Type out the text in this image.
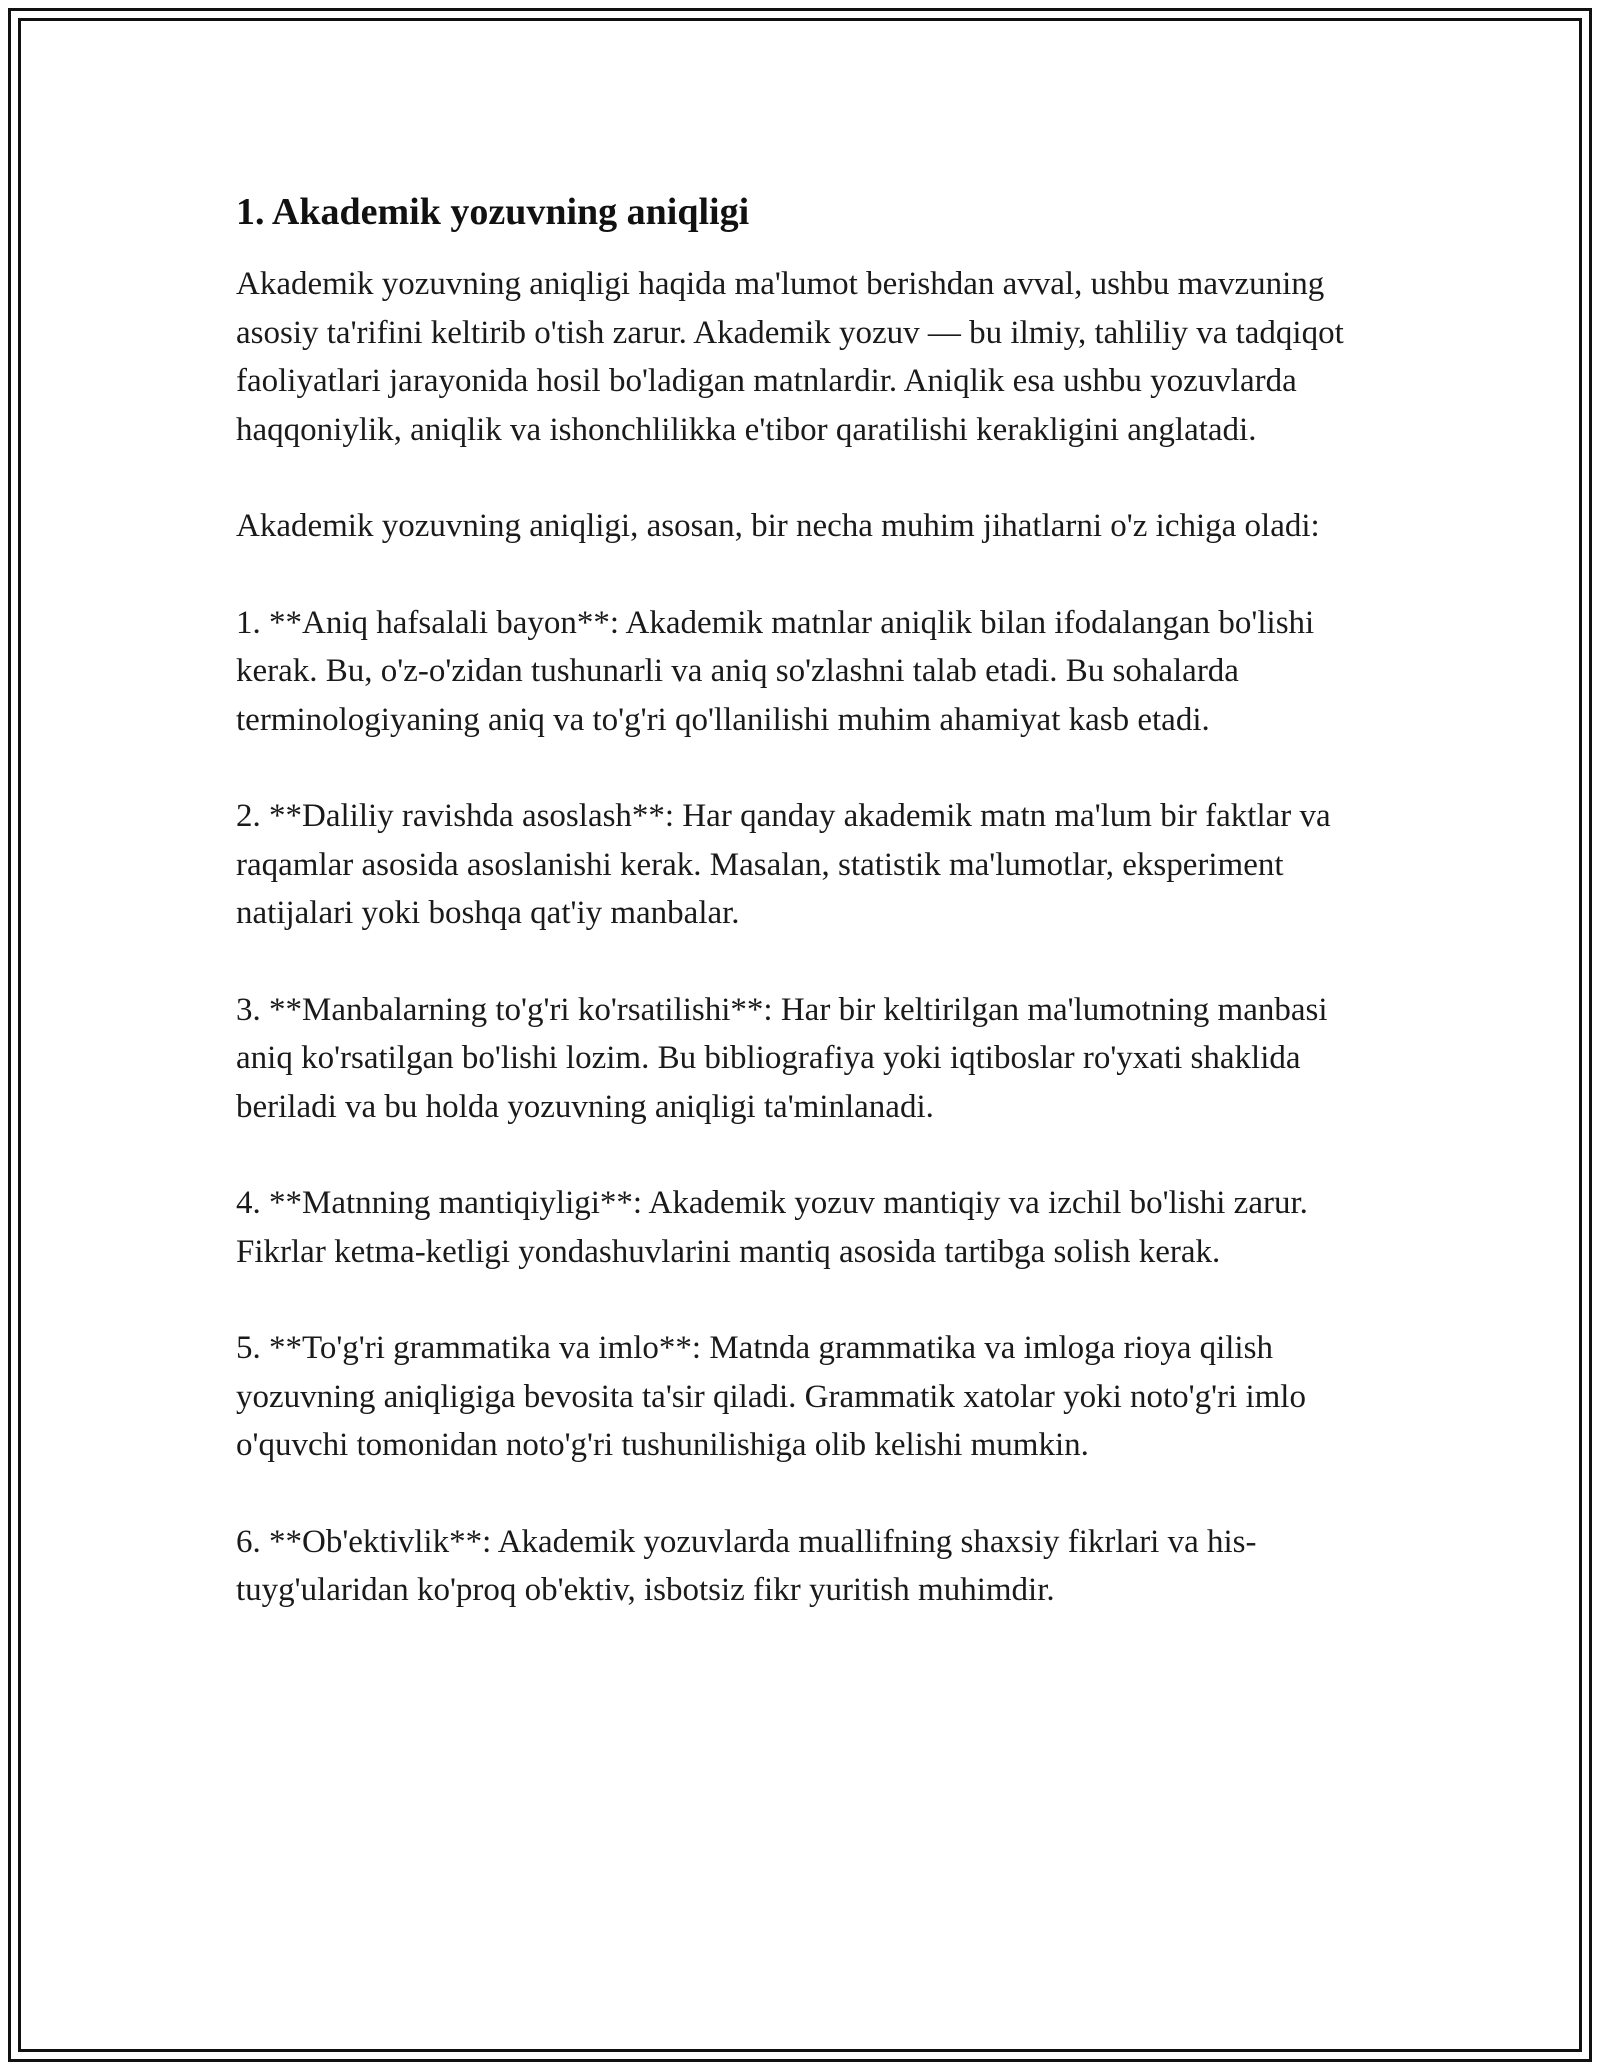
1. Akademik yozuvning aniqligi

Akademik yozuvning aniqligi haqida ma'lumot berishdan avval, ushbu mavzuning asosiy ta'rifini keltirib o'tish zarur. Akademik yozuv — bu ilmiy, tahliliy va tadqiqot faoliyatlari jarayonida hosil bo'ladigan matnlardir. Aniqlik esa ushbu yozuvlarda haqqoniylik, aniqlik va ishonchlilikka e'tibor qaratilishi kerakligini anglatadi.

Akademik yozuvning aniqligi, asosan, bir necha muhim jihatlarni o'z ichiga oladi:

1. **Aniq hafsalali bayon**: Akademik matnlar aniqlik bilan ifodalangan bo'lishi kerak. Bu, o'z-o'zidan tushunarli va aniq so'zlashni talab etadi. Bu sohalarda terminologiyaning aniq va to'g'ri qo'llanilishi muhim ahamiyat kasb etadi.

2. **Daliliy ravishda asoslash**: Har qanday akademik matn ma'lum bir faktlar va raqamlar asosida asoslanishi kerak. Masalan, statistik ma'lumotlar, eksperiment natijalari yoki boshqa qat'iy manbalar.

3. **Manbalarning to'g'ri ko'rsatilishi**: Har bir keltirilgan ma'lumotning manbasi aniq ko'rsatilgan bo'lishi lozim. Bu bibliografiya yoki iqtiboslar ro'yxati shaklida beriladi va bu holda yozuvning aniqligi ta'minlanadi.

4. **Matnning mantiqiyligi**: Akademik yozuv mantiqiy va izchil bo'lishi zarur. Fikrlar ketma-ketligi yondashuvlarini mantiq asosida tartibga solish kerak.

5. **To'g'ri grammatika va imlo**: Matnda grammatika va imloga rioya qilish yozuvning aniqligiga bevosita ta'sir qiladi. Grammatik xatolar yoki noto'g'ri imlo o'quvchi tomonidan noto'g'ri tushunilishiga olib kelishi mumkin.

6. **Ob'ektivlik**: Akademik yozuvlarda muallifning shaxsiy fikrlari va his-tuyg'ularidan ko'proq ob'ektiv, isbotsiz fikr yuritish muhimdir.
